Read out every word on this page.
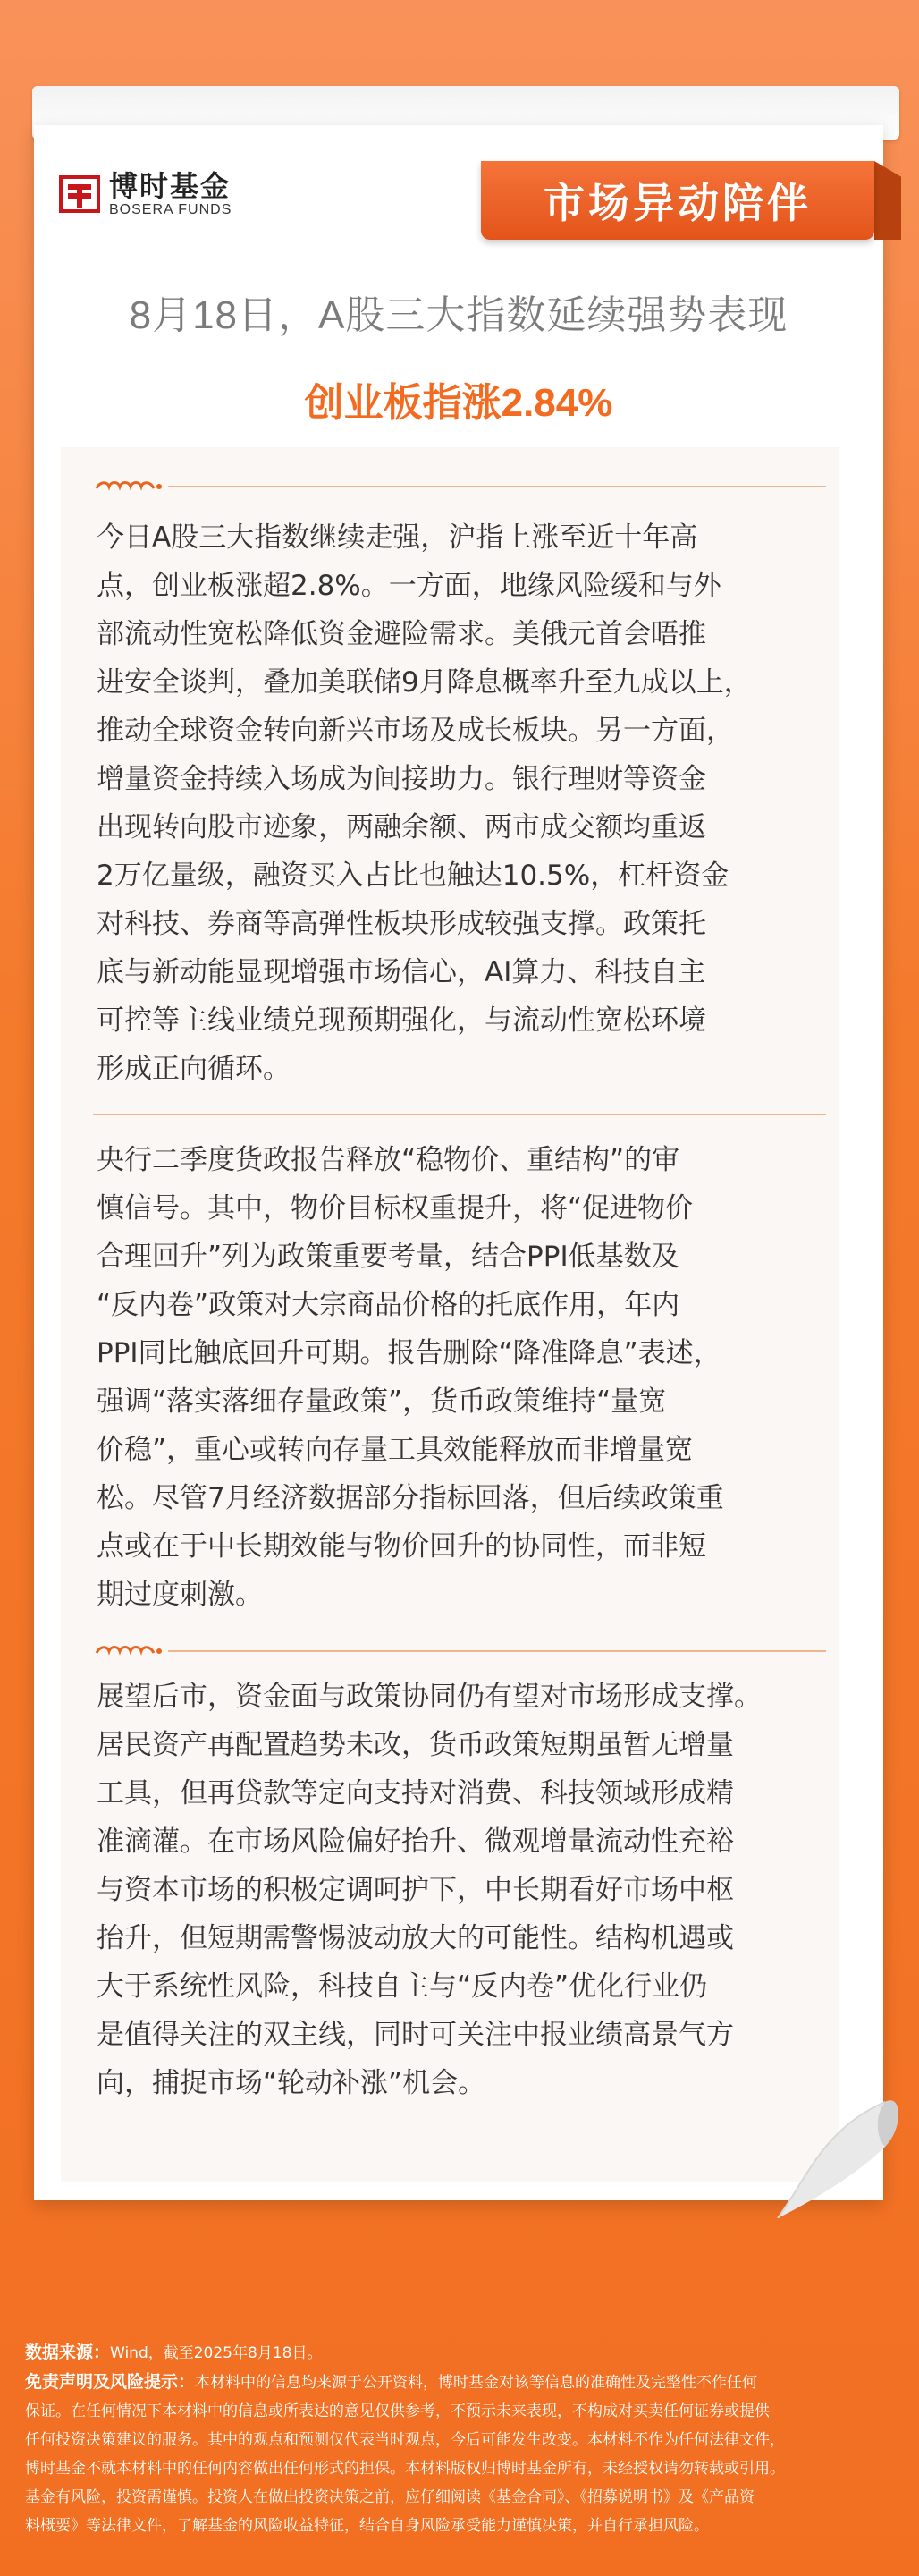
博时基金
BOSERA FUNDS	市场异动陪伴
8月18日，A股三大指数延续强势表现
创业板指涨2.84%
今日A股三大指数继续走强，沪指上涨至近十年高
点，创业板涨超2.8%。一方面，地缘风险缓和与外
部流动性宽松降低资金避险需求。美俄元首会晤推
进安全谈判，叠加美联储9月降息概率升至九成以上，
推动全球资金转向新兴市场及成长板块。另一方面，
增量资金持续入场成为间接助力。银行理财等资金
出现转向股市迹象，两融余额、两市成交额均重返
2万亿量级，融资买入占比也触达10.5%，杠杆资金
对科技、券商等高弹性板块形成较强支撑。政策托
底与新动能显现增强市场信心，AI算力、科技自主
可控等主线业绩兑现预期强化，与流动性宽松环境
形成正向循环。
央行二季度货政报告释放“稳物价、重结构”的审
慎信号。其中，物价目标权重提升，将“促进物价
合理回升”列为政策重要考量，结合PPI低基数及
“反内卷”政策对大宗商品价格的托底作用，年内
PPI同比触底回升可期。报告删除“降准降息”表述，
强调“落实落细存量政策”，货币政策维持“量宽
价稳”，重心或转向存量工具效能释放而非增量宽
松。尽管7月经济数据部分指标回落，但后续政策重
点或在于中长期效能与物价回升的协同性，而非短
期过度刺激。
展望后市，资金面与政策协同仍有望对市场形成支撑。
居民资产再配置趋势未改，货币政策短期虽暂无增量
工具，但再贷款等定向支持对消费、科技领域形成精
准滴灌。在市场风险偏好抬升、微观增量流动性充裕
与资本市场的积极定调呵护下，中长期看好市场中枢
抬升，但短期需警惕波动放大的可能性。结构机遇或
大于系统性风险，科技自主与“反内卷”优化行业仍
是值得关注的双主线，同时可关注中报业绩高景气方
向，捕捉市场“轮动补涨”机会。
数据来源：Wind，截至2025年8月18日。
免责声明及风险提示：本材料中的信息均来源于公开资料，博时基金对该等信息的准确性及完整性不作任何
保证。在任何情况下本材料中的信息或所表达的意见仅供参考，不预示未来表现，不构成对买卖任何证券或提供
任何投资决策建议的服务。其中的观点和预测仅代表当时观点，今后可能发生改变。本材料不作为任何法律文件，
博时基金不就本材料中的任何内容做出任何形式的担保。本材料版权归博时基金所有，未经授权请勿转载或引用。
基金有风险，投资需谨慎。投资人在做出投资决策之前，应仔细阅读《基金合同》、《招募说明书》及《产品资
料概要》等法律文件，了解基金的风险收益特征，结合自身风险承受能力谨慎决策，并自行承担风险。
